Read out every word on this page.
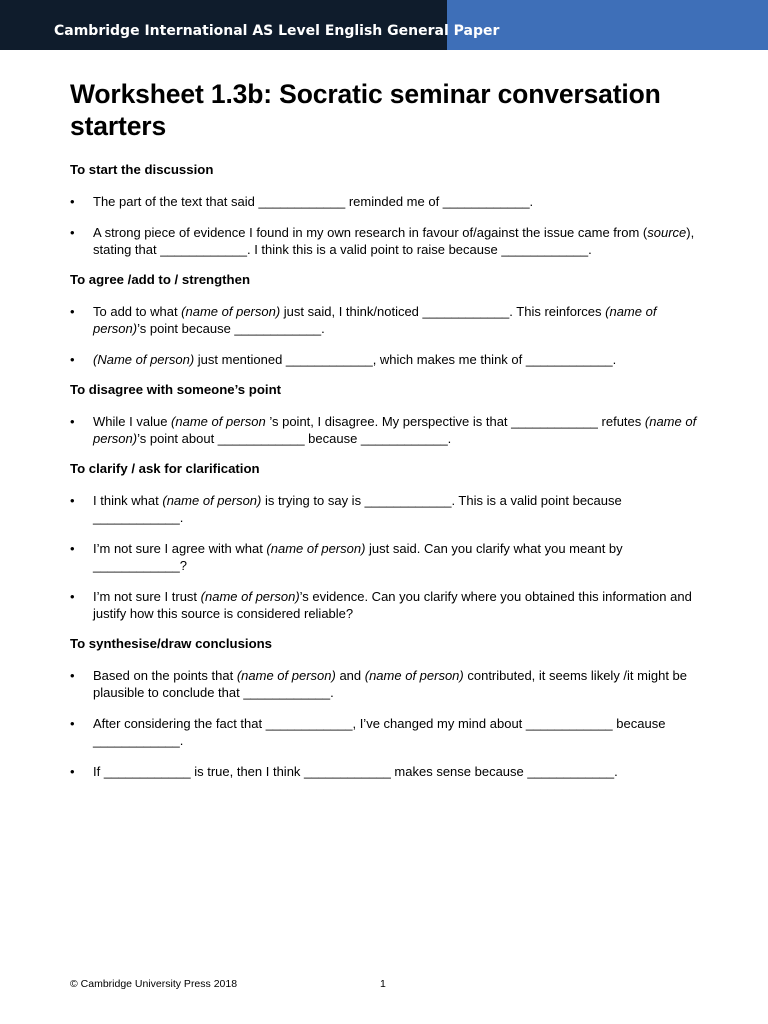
Cambridge International AS Level English General Paper
Worksheet 1.3b: Socratic seminar conversation starters
To start the discussion
• The part of the text that said ____________ reminded me of ____________.
• A strong piece of evidence I found in my own research in favour of/against the issue came from (source), stating that ____________. I think this is a valid point to raise because ____________.
To agree /add to / strengthen
• To add to what (name of person) just said, I think/noticed ____________. This reinforces (name of person)’s point because ____________.
• (Name of person) just mentioned ____________, which makes me think of ____________.
To disagree with someone’s point
• While I value (name of person ’s point, I disagree. My perspective is that ____________ refutes (name of person)’s point about ____________ because ____________.
To clarify / ask for clarification
• I think what (name of person) is trying to say is ____________. This is a valid point because ____________.
• I’m not sure I agree with what (name of person) just said. Can you clarify what you meant by ____________?
• I’m not sure I trust (name of person)’s evidence. Can you clarify where you obtained this information and justify how this source is considered reliable?
To synthesise/draw conclusions
• Based on the points that (name of person) and (name of person) contributed, it seems likely /it might be plausible to conclude that ____________.
• After considering the fact that ____________, I’ve changed my mind about ____________ because ____________.
• If ____________ is true, then I think ____________ makes sense because ____________.
© Cambridge University Press 2018	1
